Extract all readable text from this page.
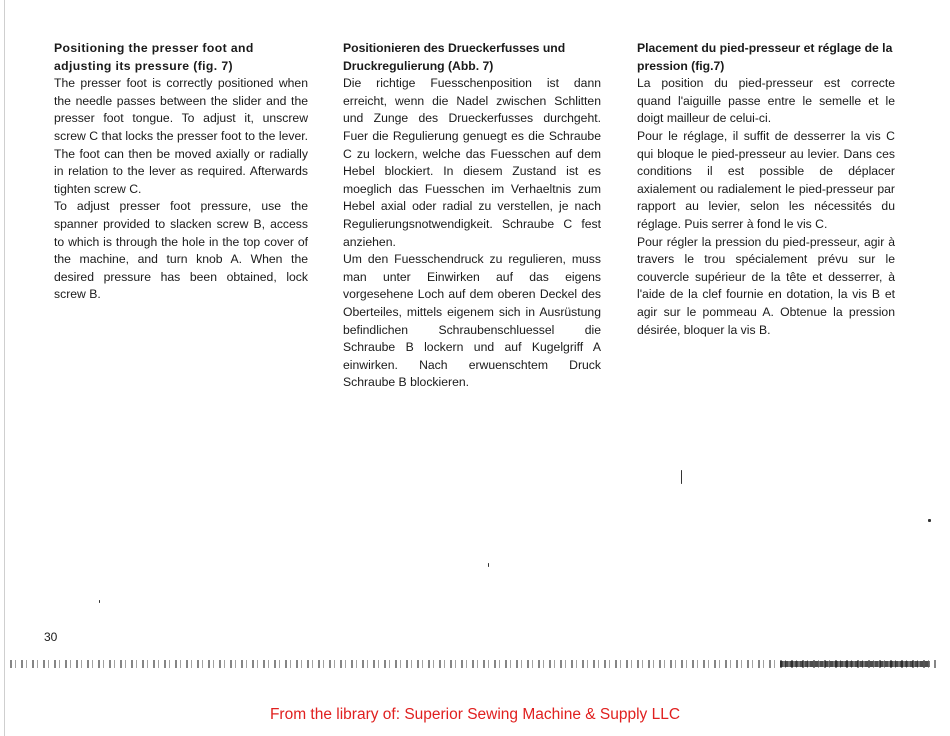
Positioning the presser foot and adjusting its pressure (fig. 7)

The presser foot is correctly positioned when the needle passes between the slider and the presser foot tongue. To adjust it, unscrew screw C that locks the presser foot to the lever. The foot can then be moved axially or radially in relation to the lever as required. Afterwards tighten screw C.

To adjust presser foot pressure, use the spanner provided to slacken screw B, access to which is through the hole in the top cover of the machine, and turn knob A. When the desired pressure has been obtained, lock screw B.

Positionieren des Drueckerfusses und Druckregulierung (Abb. 7)

Die richtige Fuesschenposition ist dann erreicht, wenn die Nadel zwischen Schlitten und Zunge des Drueckerfusses durchgeht. Fuer die Regulierung genuegt es die Schraube C zu lockern, welche das Fuesschen auf dem Hebel blockiert. In diesem Zustand ist es moeglich das Fuesschen im Verhaeltnis zum Hebel axial oder radial zu verstellen, je nach Regulierungsnotwendigkeit. Schraube C fest anziehen.

Um den Fuesschendruck zu regulieren, muss man unter Einwirken auf das eigens vorgesehene Loch auf dem oberen Deckel des Oberteiles, mittels eigenem sich in Ausrüstung befindlichen Schraubenschluessel die Schraube B lockern und auf Kugelgriff A einwirken. Nach erwuenschtem Druck Schraube B blockieren.

Placement du pied-presseur et réglage de la pression (fig.7)

La position du pied-presseur est correcte quand l'aiguille passe entre le semelle et le doigt mailleur de celui-ci.

Pour le réglage, il suffit de desserrer la vis C qui bloque le pied-presseur au levier. Dans ces conditions il est possible de déplacer axialement ou radialement le pied-presseur par rapport au levier, selon les nécessités du réglage. Puis serrer à fond le vis C.

Pour régler la pression du pied-presseur, agir à travers le trou spécialement prévu sur le couvercle supérieur de la tête et desserrer, à l'aide de la clef fournie en dotation, la vis B et agir sur le pommeau A. Obtenue la pression désirée, bloquer la vis B.

30
From the library of: Superior Sewing Machine & Supply LLC
